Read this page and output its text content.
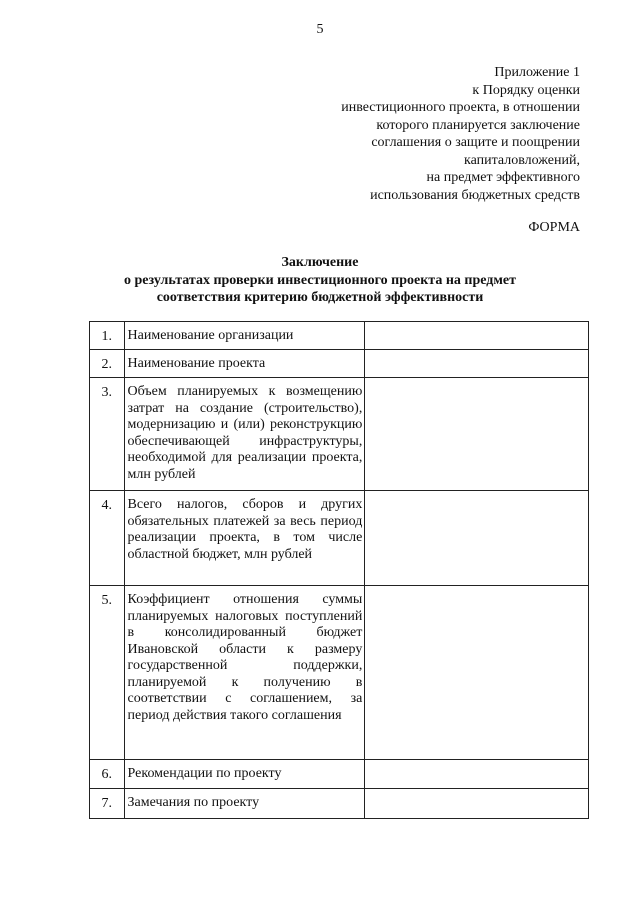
5
Приложение 1
к Порядку оценки
инвестиционного проекта, в отношении
которого планируется заключение
соглашения о защите и поощрении
капиталовложений,
на предмет эффективного
использования бюджетных средств
ФОРМА
Заключение
о результатах проверки инвестиционного проекта на предмет
соответствия критерию бюджетной эффективности
1.	Наименование организации	
2.	Наименование проекта	
3.	Объем планируемых к возмещению затрат на создание (строительство), модернизацию и (или) реконструкцию обеспечивающей инфраструктуры, необходимой для реализации проекта, млн рублей	
4.	Всего налогов, сборов и других обязательных платежей за весь период реализации проекта, в том числе областной бюджет, млн рублей	
5.	Коэффициент отношения суммы планируемых налоговых поступлений в консолидированный бюджет Ивановской области к размеру государственной поддержки, планируемой к получению в соответствии с соглашением, за период действия такого соглашения	
6.	Рекомендации по проекту	
7.	Замечания по проекту	
